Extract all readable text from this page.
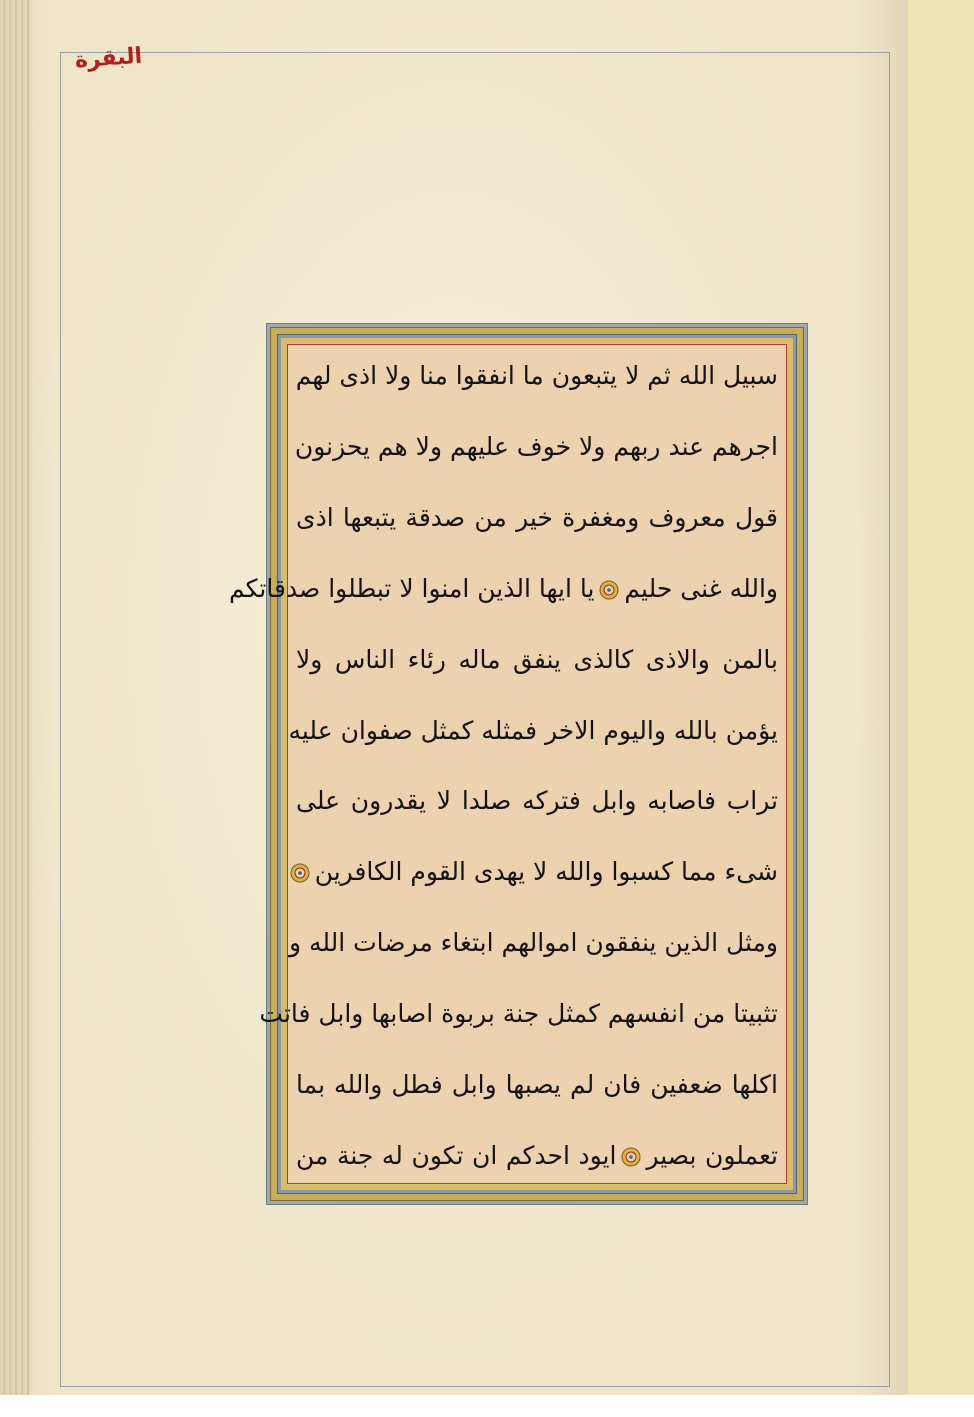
البقرة
سبيل الله ثم لا يتبعون ما انفقوا منا ولا اذى لهم
اجرهم عند ربهم ولا خوف عليهم ولا هم يحزنون
قول معروف ومغفرة خير من صدقة يتبعها اذى
والله غنى حليميا ايها الذين امنوا لا تبطلوا صدقاتكم
بالمن والاذى كالذى ينفق ماله رئاء الناس ولا
يؤمن بالله واليوم الاخر فمثله كمثل صفوان عليه
تراب فاصابه وابل فتركه صلدا لا يقدرون على
شىء مما كسبوا والله لا يهدى القوم الكافرين
ومثل الذين ينفقون اموالهم ابتغاء مرضات الله و
تثبيتا من انفسهم كمثل جنة بربوة اصابها وابل فاتت
اكلها ضعفين فان لم يصبها وابل فطل والله بما
تعملون بصيرايود احدكم ان تكون له جنة من
